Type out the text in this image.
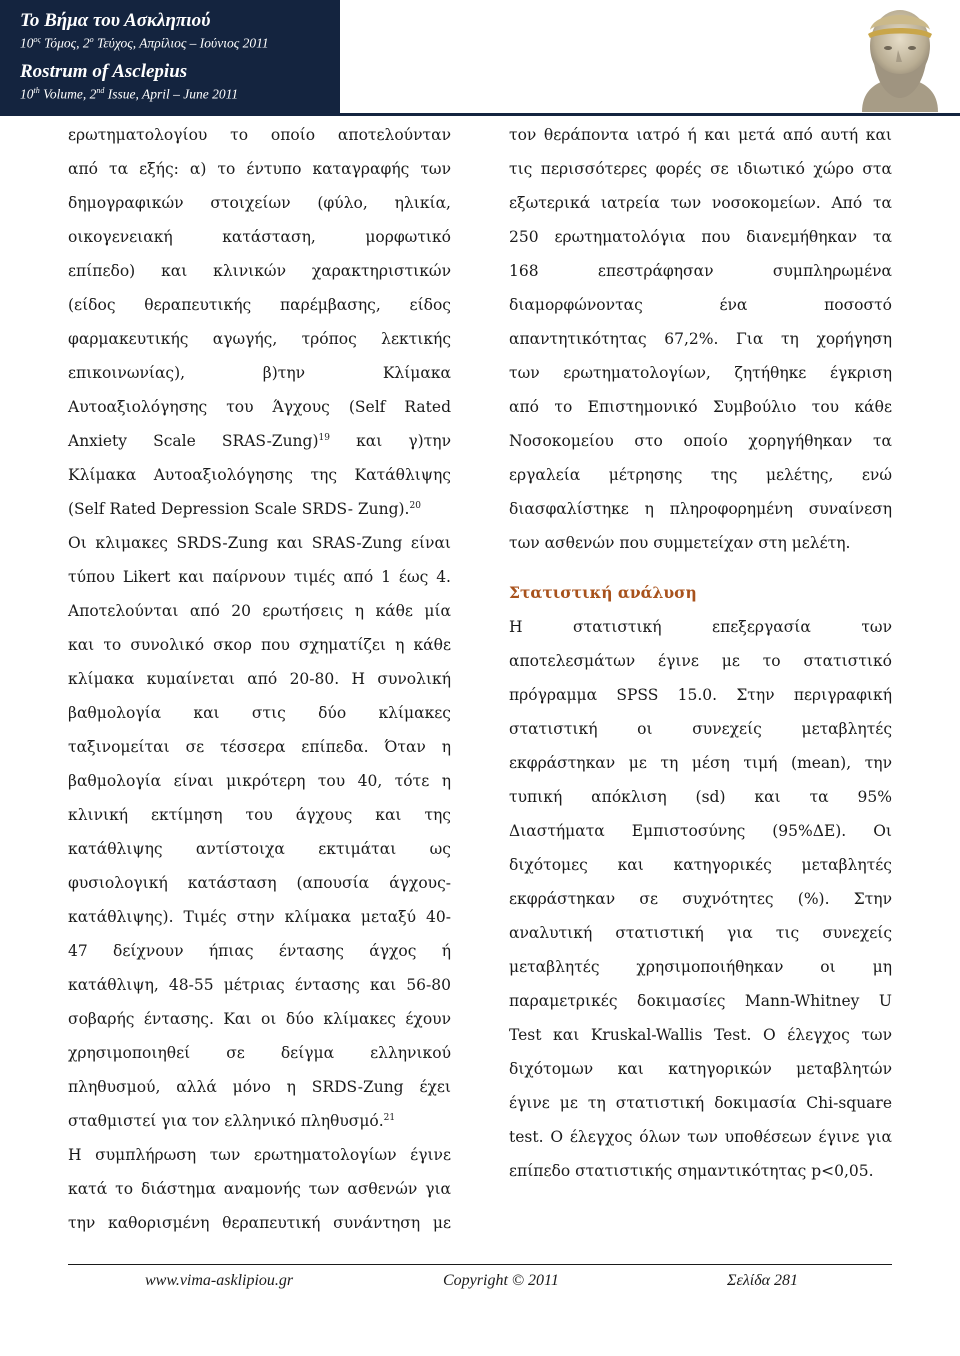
Το Βήμα του Ασκληπιού
$10^{o\varsigma}$ Τόμος, $2^o$ Τεύχος, Απρίλιος – Ιούνιος 2011
Rostrum of Asclepius
10th Volume, 2nd Issue, April – June 2011
ερωτηματολογίου το οποίο αποτελούνταν
από τα εξής: α) το έντυπο καταγραφής των
δημογραφικών στοιχείων (φύλο, ηλικία,
οικογενειακή κατάσταση, μορφωτικό
επίπεδο) και κλινικών χαρακτηριστικών
(είδος θεραπευτικής παρέμβασης, είδος
φαρμακευτικής αγωγής, τρόπος λεκτικής
επικοινωνίας), β)την Κλίμακα
Αυτοαξιολόγησης του Άγχους (Self Rated
Anxiety Scale SRAS-Zung)$^{19}$ και γ)την
Κλίμακα Αυτοαξιολόγησης της Κατάθλιψης
(Self Rated Depression Scale SRDS- Zung).$^{20}$
Οι κλιμακες SRDS-Zung και SRAS-Zung είναι
τύπου Likert και παίρνουν τιμές από 1 έως 4.
Αποτελούνται από 20 ερωτήσεις η κάθε μία
και το συνολικό σκορ που σχηματίζει η κάθε
κλίμακα κυμαίνεται από 20-80. Η συνολική
βαθμολογία και στις δύο κλίμακες
ταξινομείται σε τέσσερα επίπεδα. Όταν η
βαθμολογία είναι μικρότερη του 40, τότε η
κλινική εκτίμηση του άγχους και της
κατάθλιψης αντίστοιχα εκτιμάται ως
φυσιολογική κατάσταση (απουσία άγχους-
κατάθλιψης). Τιμές στην κλίμακα μεταξύ 40-
47 δείχνουν ήπιας έντασης άγχος ή
κατάθλιψη, 48-55 μέτριας έντασης και 56-80
σοβαρής έντασης. Και οι δύο κλίμακες έχουν
χρησιμοποιηθεί σε δείγμα ελληνικού
πληθυσμού, αλλά μόνο η SRDS-Zung έχει
σταθμιστεί για τον ελληνικό πληθυσμό.$^{21}$
Η συμπλήρωση των ερωτηματολογίων έγινε
κατά το διάστημα αναμονής των ασθενών για
την καθορισμένη θεραπευτική συνάντηση με
τον θεράποντα ιατρό ή και μετά από αυτή και
τις περισσότερες φορές σε ιδιωτικό χώρο στα
εξωτερικά ιατρεία των νοσοκομείων. Από τα
250 ερωτηματολόγια που διανεμήθηκαν τα
168 επεστράφησαν συμπληρωμένα
διαμορφώνοντας ένα ποσοστό
απαντητικότητας 67,2%. Για τη χορήγηση
των ερωτηματολογίων, ζητήθηκε έγκριση
από το Επιστημονικό Συμβούλιο του κάθε
Νοσοκομείου στο οποίο χορηγήθηκαν τα
εργαλεία μέτρησης της μελέτης, ενώ
διασφαλίστηκε η πληροφορημένη συναίνεση
των ασθενών που συμμετείχαν στη μελέτη.
Στατιστική ανάλυση
Η στατιστική επεξεργασία των
αποτελεσμάτων έγινε με το στατιστικό
πρόγραμμα SPSS 15.0. Στην περιγραφική
στατιστική οι συνεχείς μεταβλητές
εκφράστηκαν με τη μέση τιμή (mean), την
τυπική απόκλιση (sd) και τα 95%
Διαστήματα Εμπιστοσύνης (95%ΔΕ). Οι
διχότομες και κατηγορικές μεταβλητές
εκφράστηκαν σε συχνότητες (%). Στην
αναλυτική στατιστική για τις συνεχείς
μεταβλητές χρησιμοποιήθηκαν οι μη
παραμετρικές δοκιμασίες Mann-Whitney U
Test και Kruskal-Wallis Test. Ο έλεγχος των
διχότομων και κατηγορικών μεταβλητών
έγινε με τη στατιστική δοκιμασία Chi-square
test. Ο έλεγχος όλων των υποθέσεων έγινε για
επίπεδο στατιστικής σημαντικότητας p<0,05.
www.vima-asklipiou.gr	Copyright © 2011	Σελίδα 281
